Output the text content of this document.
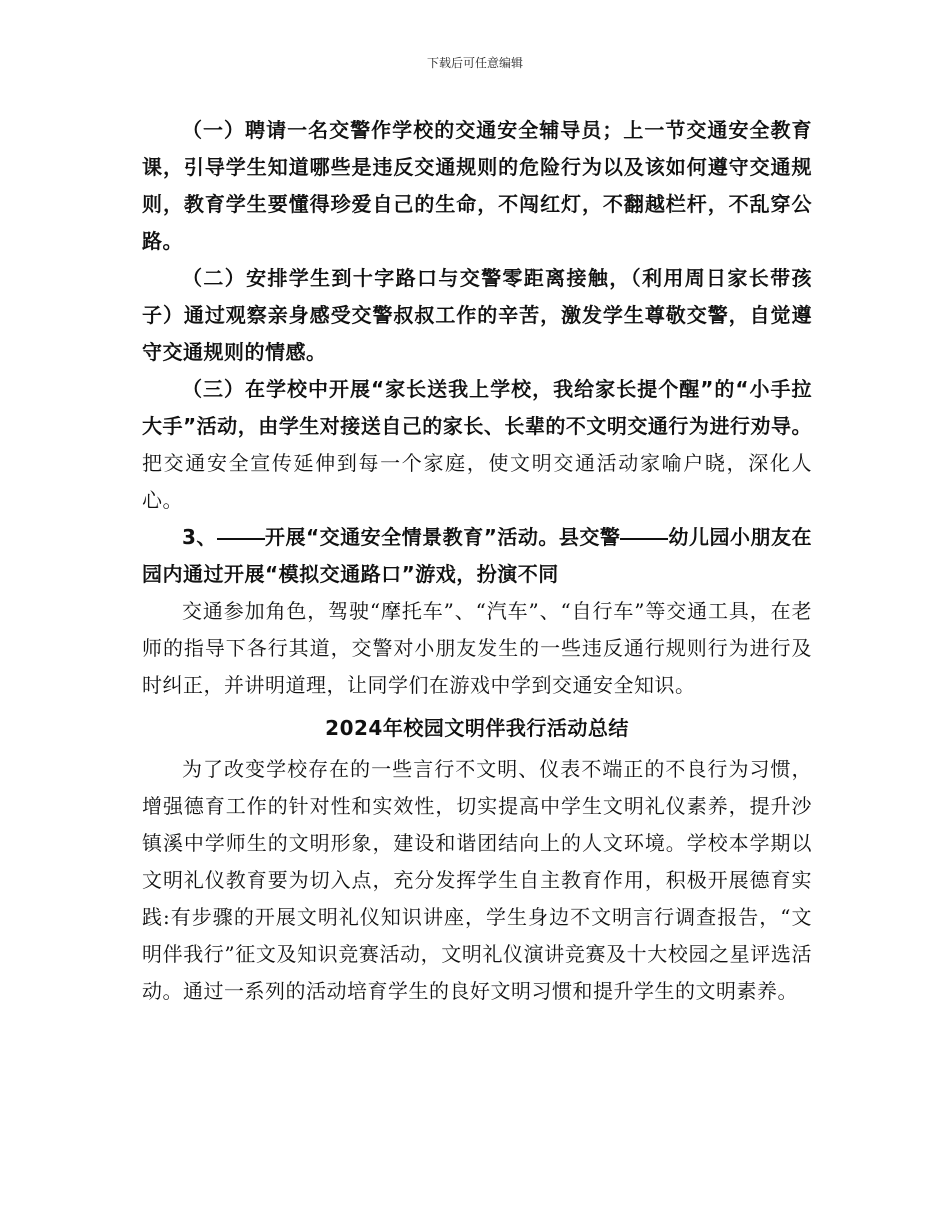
下载后可任意编辑

（一）聘请一名交警作学校的交通安全辅导员；上一节交通安全教育课，引导学生知道哪些是违反交通规则的危险行为以及该如何遵守交通规则，教育学生要懂得珍爱自己的生命，不闯红灯，不翻越栏杆，不乱穿公路。

（二）安排学生到十字路口与交警零距离接触，（利用周日家长带孩子）通过观察亲身感受交警叔叔工作的辛苦，激发学生尊敬交警，自觉遵守交通规则的情感。

（三）在学校中开展“家长送我上学校，我给家长提个醒”的“小手拉大手”活动，由学生对接送自己的家长、长辈的不文明交通行为进行劝导。把交通安全宣传延伸到每一个家庭，使文明交通活动家喻户晓，深化人心。

3、 开展“交通安全情景教育”活动。县交警 幼儿园小朋友在园内通过开展“模拟交通路口”游戏，扮演不同

交通参加角色，驾驶“摩托车”、“汽车”、“自行车”等交通工具，在老师的指导下各行其道，交警对小朋友发生的一些违反通行规则行为进行及时纠正，并讲明道理，让同学们在游戏中学到交通安全知识。

2024年校园文明伴我行活动总结

为了改变学校存在的一些言行不文明、仪表不端正的不良行为习惯，增强德育工作的针对性和实效性，切实提高中学生文明礼仪素养，提升沙镇溪中学师生的文明形象，建设和谐团结向上的人文环境。学校本学期以文明礼仪教育要为切入点，充分发挥学生自主教育作用，积极开展德育实践:有步骤的开展文明礼仪知识讲座，学生身边不文明言行调查报告，“文明伴我行”征文及知识竞赛活动，文明礼仪演讲竞赛及十大校园之星评选活动。通过一系列的活动培育学生的良好文明习惯和提升学生的文明素养。
